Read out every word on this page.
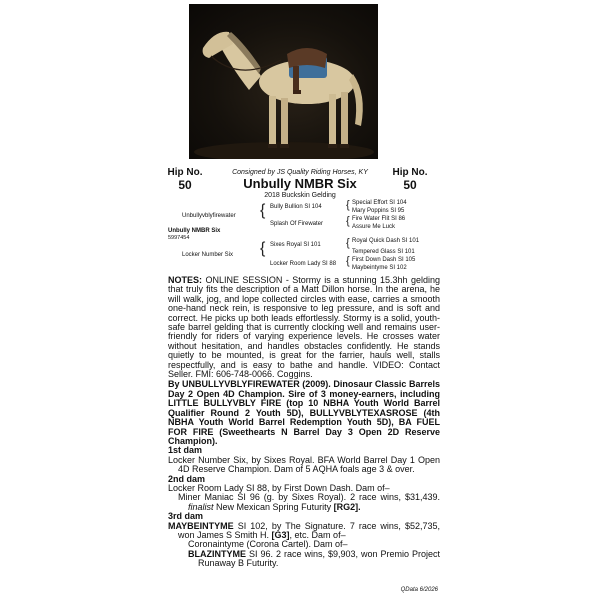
Hip No.
50
Hip No.
50
Consigned by JS Quality Riding Horses, KY
Unbully NMBR Six
2018 Buckskin Gelding
Unbullyvblyfirewater { Bully Bullion SI 104
Splash Of Firewater
{ Special Effort SI 104
Mary Poppins SI 95
{ Fire Water Flit SI 86
Assure Me Luck
Unbully NMBR Six
5997454
Locker Number Six { Sixes Royal SI 101
Locker Room Lady SI 88
{ Royal Quick Dash SI 101
Tempered Glass SI 101
{ First Down Dash SI 105
Maybeintyme SI 102

NOTES: ONLINE SESSION - Stormy is a stunning 15.3hh gelding that truly fits the description of a Matt Dillon horse. In the arena, he will walk, jog, and lope collected circles with ease, carries a smooth one-hand neck rein, is responsive to leg pressure, and is soft and correct. He picks up both leads effortlessly. Stormy is a solid, youth-safe barrel gelding that is currently clocking well and remains user-friendly for riders of varying experience levels. He crosses water without hesitation, and handles obstacles confidently. He stands quietly to be mounted, is great for the farrier, hauls well, stalls respectfully, and is easy to bathe and handle. VIDEO: Contact Seller. FMI: 606-748-0066. Coggins.

By UNBULLYVBLYFIREWATER (2009). Dinosaur Classic Barrels Day 2 Open 4D Champion. Sire of 3 money-earners, including LITTLE BULLYVBLY FIRE (top 10 NBHA Youth World Barrel Qualifier Round 2 Youth 5D), BULLYVBLYTEXASROSE (4th NBHA Youth World Barrel Redemption Youth 5D), BA FUEL FOR FIRE (Sweethearts N Barrel Day 3 Open 2D Reserve Champion).

1st dam

Locker Number Six, by Sixes Royal. BFA World Barrel Day 1 Open 4D Reserve Champion. Dam of 5 AQHA foals age 3 & over.

2nd dam

Locker Room Lady SI 88, by First Down Dash. Dam of–

Miner Maniac SI 96 (g. by Sixes Royal). 2 race wins, $31,439. finalist New Mexican Spring Futurity [RG2].

3rd dam

MAYBEINTYME SI 102, by The Signature. 7 race wins, $52,735, won James S Smith H. [G3], etc. Dam of–

Coronaintyme (Corona Cartel). Dam of–

BLAZINTYME SI 96. 2 race wins, $9,903, won Premio Project Runaway B Futurity.

QData 6/2026
